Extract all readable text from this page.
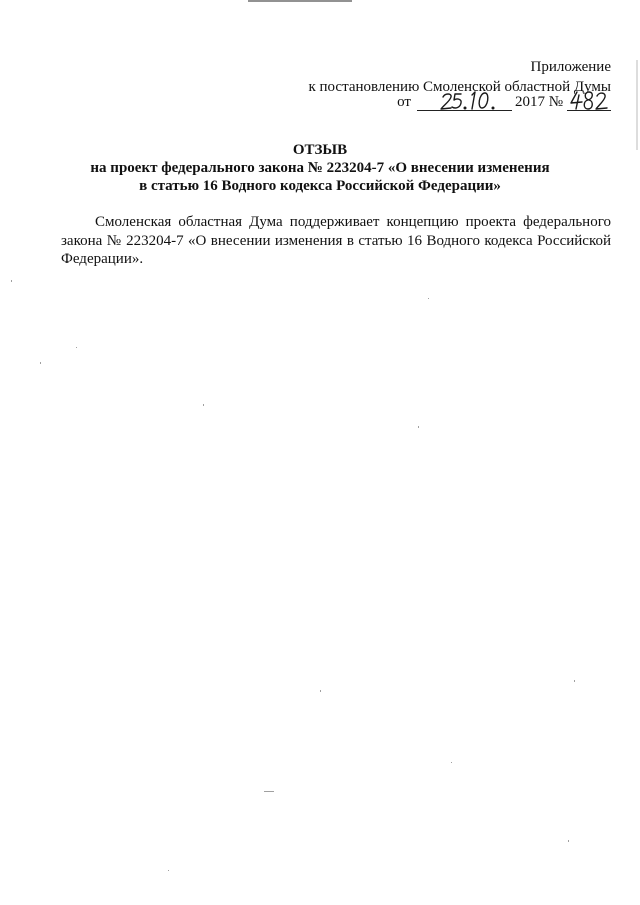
Приложение
к постановлению Смоленской областной Думы
от	2017 №
ОТЗЫВ
на проект федерального закона № 223204-7 «О внесении изменения
в статью 16 Водного кодекса Российской Федерации»

Смоленская областная Дума поддерживает концепцию проекта федерального закона № 223204-7 «О внесении изменения в статью 16 Водного кодекса Российской Федерации».
